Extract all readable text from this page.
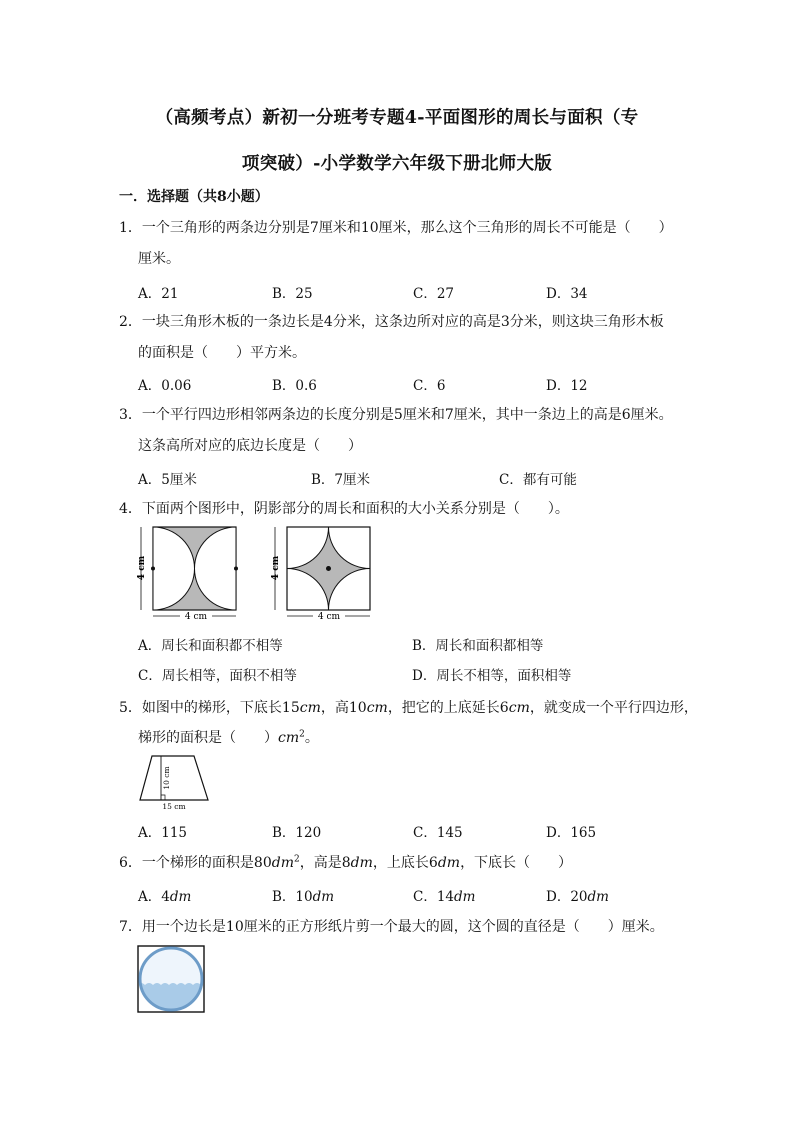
（高频考点）新初一分班考专题4-平面图形的周长与面积（专
项突破）-小学数学六年级下册北师大版
一．选择题（共8小题）
1．一个三角形的两条边分别是7厘米和10厘米，那么这个三角形的周长不可能是（　　）
厘米。
A．21	B．25	C．27	D．34
2．一块三角形木板的一条边长是4分米，这条边所对应的高是3分米，则这块三角形木板
的面积是（　　）平方米。
A．0.06	B．0.6	C．6	D．12
3．一个平行四边形相邻两条边的长度分别是5厘米和7厘米，其中一条边上的高是6厘米。
这条高所对应的底边长度是（　　）
A．5厘米	B．7厘米	C．都有可能
4．下面两个图形中，阴影部分的周长和面积的大小关系分别是（　　）。
4 cm
4 cm
4 cm
4 cm
A．周长和面积都不相等	B．周长和面积都相等
C．周长相等，面积不相等	D．周长不相等，面积相等
5．如图中的梯形，下底长15cm，高10cm，把它的上底延长6cm，就变成一个平行四边形，
梯形的面积是（　　）$cm^2$。
10 cm
15 cm
A．115	B．120	C．145	D．165
6．一个梯形的面积是$80dm^2$，高是8dm，上底长6dm，下底长（　　）
A．4dm	B．10dm	C．14dm	D．20dm
7．用一个边长是10厘米的正方形纸片剪一个最大的圆，这个圆的直径是（　　）厘米。
